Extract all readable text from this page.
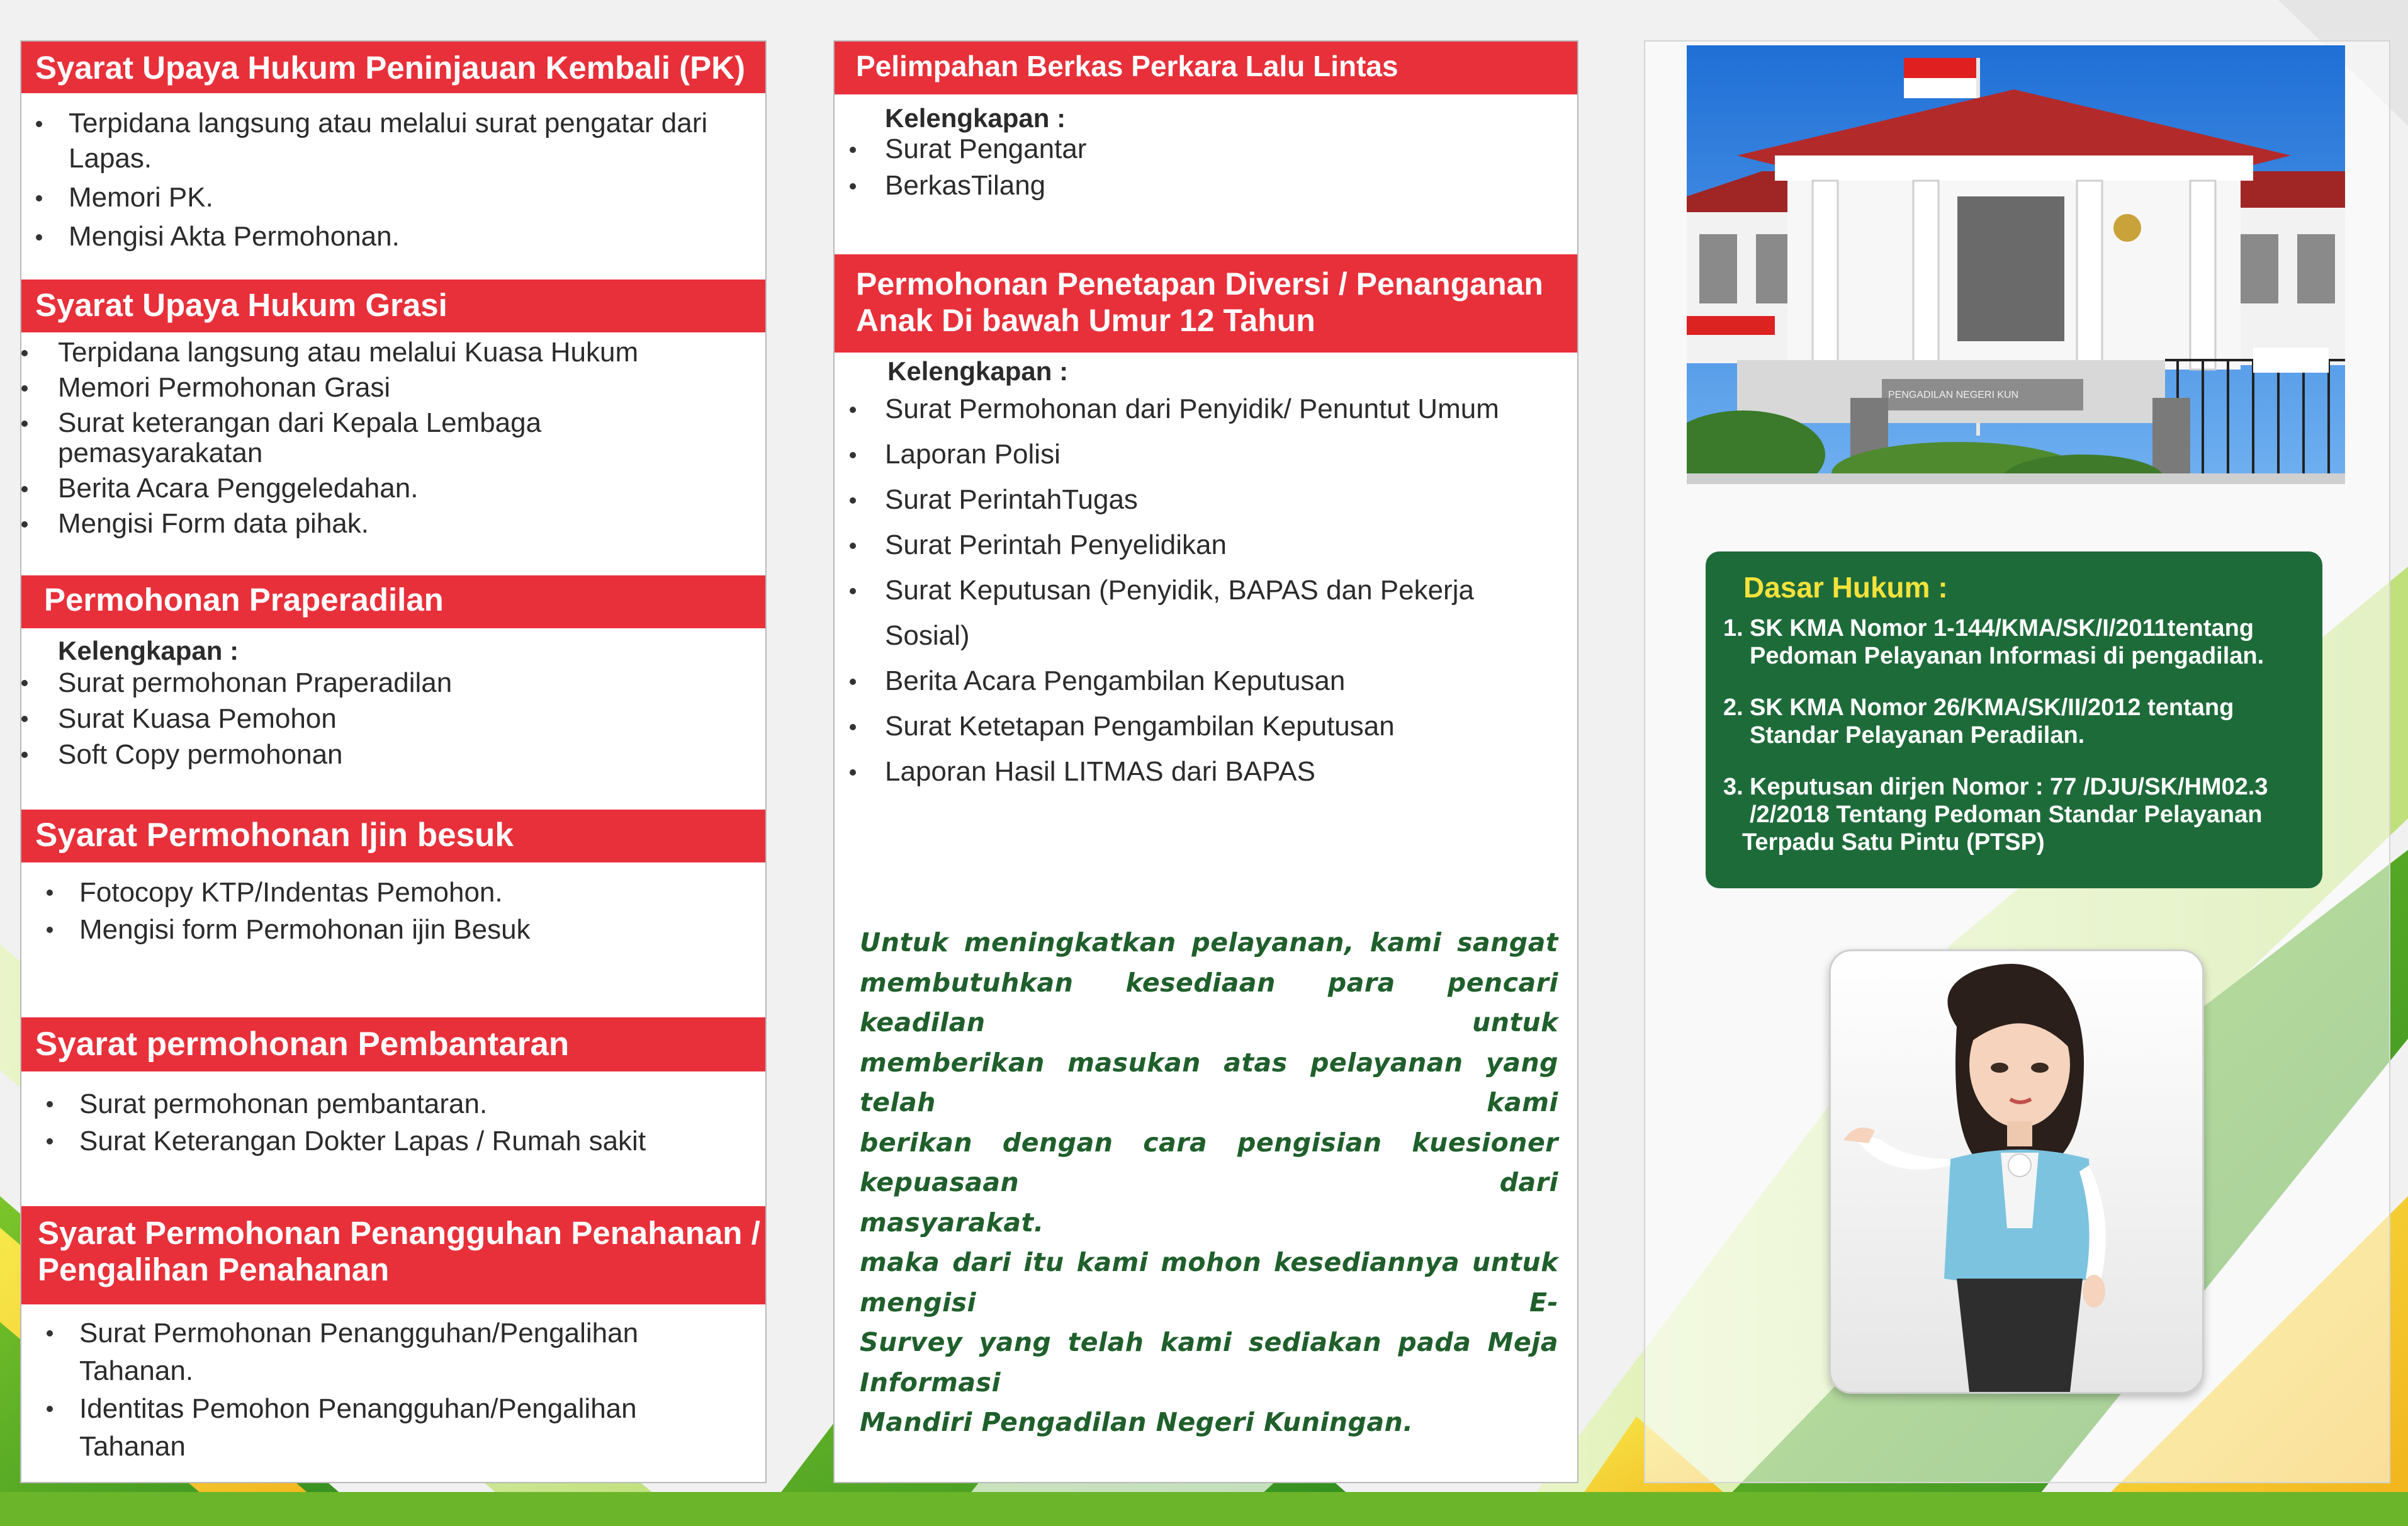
Syarat Upaya Hukum Peninjauan Kembali (PK)
Terpidana langsung atau melalui surat pengatar dari
Lapas.
Memori PK.
Mengisi Akta Permohonan.
Syarat Upaya Hukum Grasi
Terpidana langsung atau melalui Kuasa Hukum
Memori Permohonan Grasi
Surat keterangan dari Kepala Lembaga
pemasyarakatan
Berita Acara Penggeledahan.
Mengisi Form data pihak.
Permohonan Praperadilan
Kelengkapan :
Surat permohonan Praperadilan
Surat Kuasa Pemohon
Soft Copy permohonan
Syarat Permohonan Ijin besuk
Fotocopy KTP/Indentas Pemohon.
Mengisi form Permohonan ijin Besuk
Syarat permohonan Pembantaran
Surat permohonan pembantaran.
Surat Keterangan Dokter Lapas / Rumah sakit
Syarat Permohonan Penangguhan Penahanan /
Pengalihan Penahanan
Surat Permohonan Penangguhan/Pengalihan
Tahanan.
Identitas Pemohon Penangguhan/Pengalihan
Tahanan
Pelimpahan Berkas Perkara Lalu Lintas
Kelengkapan :
Surat Pengantar
BerkasTilang
Permohonan Penetapan Diversi / Penanganan
Anak Di bawah Umur 12 Tahun
Kelengkapan :
Surat Permohonan dari Penyidik/ Penuntut Umum
Laporan Polisi
Surat PerintahTugas
Surat Perintah Penyelidikan
Surat Keputusan (Penyidik, BAPAS dan Pekerja
Sosial)
Berita Acara Pengambilan Keputusan
Surat Ketetapan Pengambilan Keputusan
Laporan Hasil LITMAS dari BAPAS
Untuk meningkatkan pelayanan, kami sangat
membutuhkan kesediaan para pencari keadilan untuk
memberikan masukan atas pelayanan yang telah kami
berikan dengan cara pengisian kuesioner kepuasaan dari
masyarakat.
maka dari itu kami mohon kesediannya untuk mengisi E-
Survey yang telah kami sediakan pada Meja Informasi
Mandiri Pengadilan Negeri Kuningan.
PENGADILAN NEGERI KUN
Dasar Hukum :
1. SK KMA Nomor 1-144/KMA/SK/I/2011tentang
Pedoman Pelayanan Informasi di pengadilan.
2. SK KMA Nomor 26/KMA/SK/II/2012 tentang
Standar Pelayanan Peradilan.
3. Keputusan dirjen Nomor : 77 /DJU/SK/HM02.3
/2/2018 Tentang Pedoman Standar Pelayanan
Terpadu Satu Pintu (PTSP)
